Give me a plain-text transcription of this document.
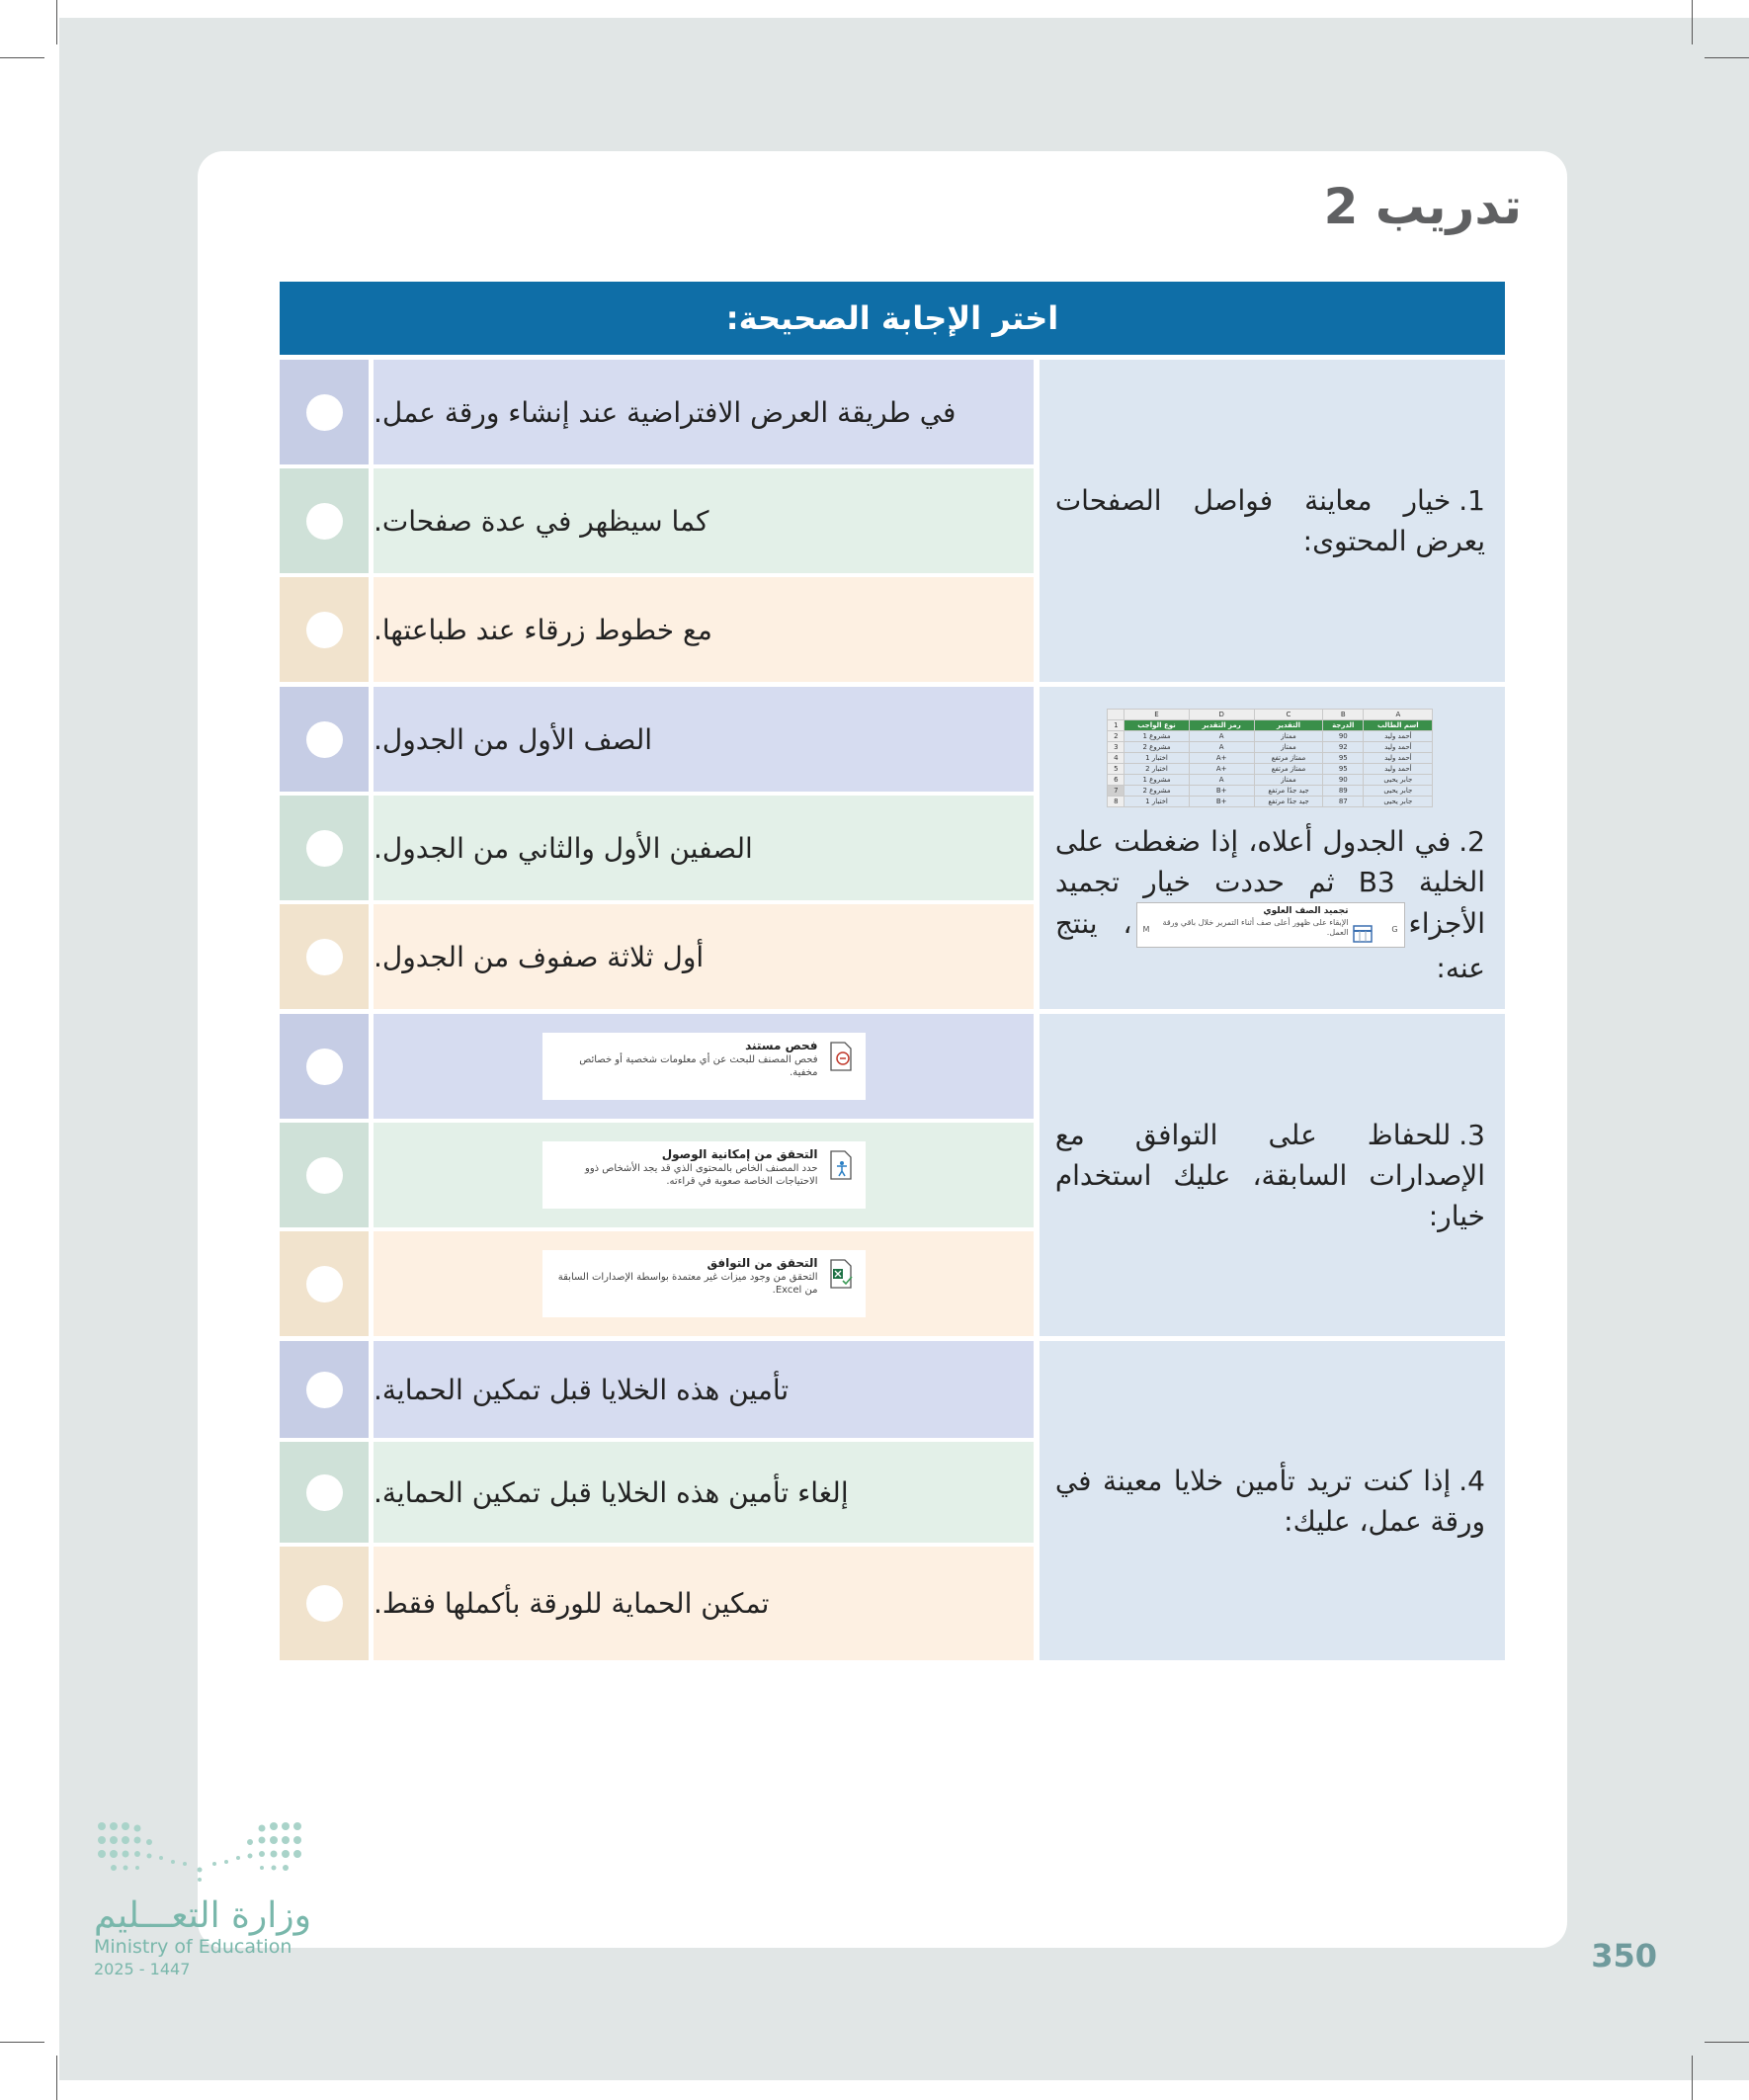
تدريب 2
اختر الإجابة الصحيحة:
في طريقة العرض الافتراضية عند إنشاء ورقة عمل.
كما سيظهر في عدة صفحات.
مع خطوط زرقاء عند طباعتها.
1.خيار معاينة فواصل الصفحات يعرض المحتوى:
الصف الأول من الجدول.
الصفين الأول والثاني من الجدول.
أول ثلاثة صفوف من الجدول.
	E	D	C	B	A
1	نوع الواجب	رمز التقدير	التقدير	الدرجة	اسم الطالب
2	مشروع 1	A	ممتاز	90	أحمد وليد
3	مشروع 2	A	ممتاز	92	أحمد وليد
4	اختبار 1	A+	ممتاز مرتفع	95	أحمد وليد
5	اختبار 2	A+	ممتاز مرتفع	95	أحمد وليد
6	مشروع 1	A	ممتاز	90	جابر يحيى
7	مشروع 2	B+	جيد جدًا مرتفع	89	جابر يحيى
8	اختبار 1	B+	جيد جدًا مرتفع	87	جابر يحيى
2.في الجدول أعلاه، إذا ضغطت على الخلية B3 ثم حددت خيار تجميد الأجزاء
G
تجميد الصف العلوي
الإبقاء على ظهور أعلى صف أثناء التمرير خلال باقي ورقة العمل.
M
، ينتج عنه:
فحص مستند
فحص المصنف للبحث عن أي معلومات شخصية أو خصائص مخفية.
التحقق من إمكانية الوصول
حدد المصنف الخاص بالمحتوى الذي قد يجد الأشخاص ذوو الاحتياجات الخاصة صعوبة في قراءته.
التحقق من التوافق
التحقق من وجود ميزات غير معتمدة بواسطة الإصدارات السابقة من Excel.
3.للحفاظ على التوافق مع الإصدارات السابقة، عليك استخدام خيار:
تأمين هذه الخلايا قبل تمكين الحماية.
إلغاء تأمين هذه الخلايا قبل تمكين الحماية.
تمكين الحماية للورقة بأكملها فقط.
4.إذا كنت تريد تأمين خلايا معينة في ورقة عمل، عليك:
وزارة التعـــليم
Ministry of Education
2025 - 1447	350
